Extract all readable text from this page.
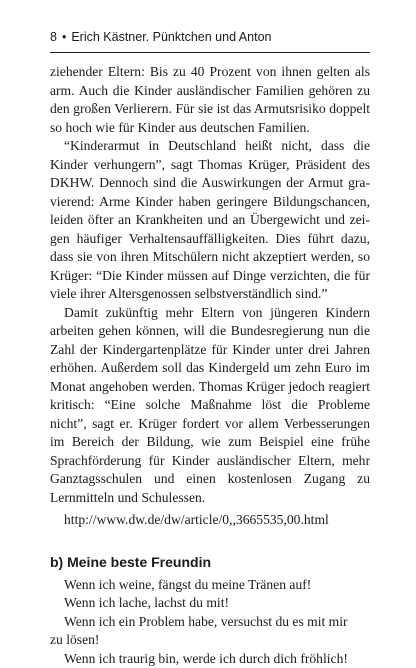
8 • Erich Kästner. Pünktchen und Anton

ziehender Eltern: Bis zu 40 Prozent von ihnen gelten als arm. Auch die Kinder ausländischer Familien gehören zu den großen Verlierern. Für sie ist das Armutsrisiko doppelt so hoch wie für Kinder aus deutschen Familien.

“Kinderarmut in Deutschland heißt nicht, dass die Kinder verhungern”, sagt Thomas Krüger, Präsident des DKHW. Dennoch sind die Auswirkungen der Armut gravierend: Arme Kinder haben geringere Bildungschancen, leiden öfter an Krankheiten und an Übergewicht und zeigen häufiger Verhaltensauffälligkeiten. Dies führt dazu, dass sie von ihren Mitschülern nicht akzeptiert werden, so Krüger: “Die Kinder müssen auf Dinge verzichten, die für viele ihrer Altersgenossen selbstverständlich sind.”

Damit zukünftig mehr Eltern von jüngeren Kindern arbeiten gehen können, will die Bundesregierung nun die Zahl der Kindergartenplätze für Kinder unter drei Jahren erhöhen. Außerdem soll das Kindergeld um zehn Euro im Monat angehoben werden. Thomas Krüger jedoch reagiert kritisch: “Eine solche Maßnahme löst die Probleme nicht”, sagt er. Krüger fordert vor allem Verbesserungen im Bereich der Bildung, wie zum Beispiel eine frühe Sprachförderung für Kinder ausländischer Eltern, mehr Ganztagsschulen und einen kostenlosen Zugang zu Lernmitteln und Schulessen.

http://www.dw.de/dw/article/0,,3665535,00.html
b) Meine beste Freundin

Wenn ich weine, fängst du meine Tränen auf!

Wenn ich lache, lachst du mit!

Wenn ich ein Problem habe, versuchst du es mit mir

zu lösen!

Wenn ich traurig bin, werde ich durch dich fröhlich!
